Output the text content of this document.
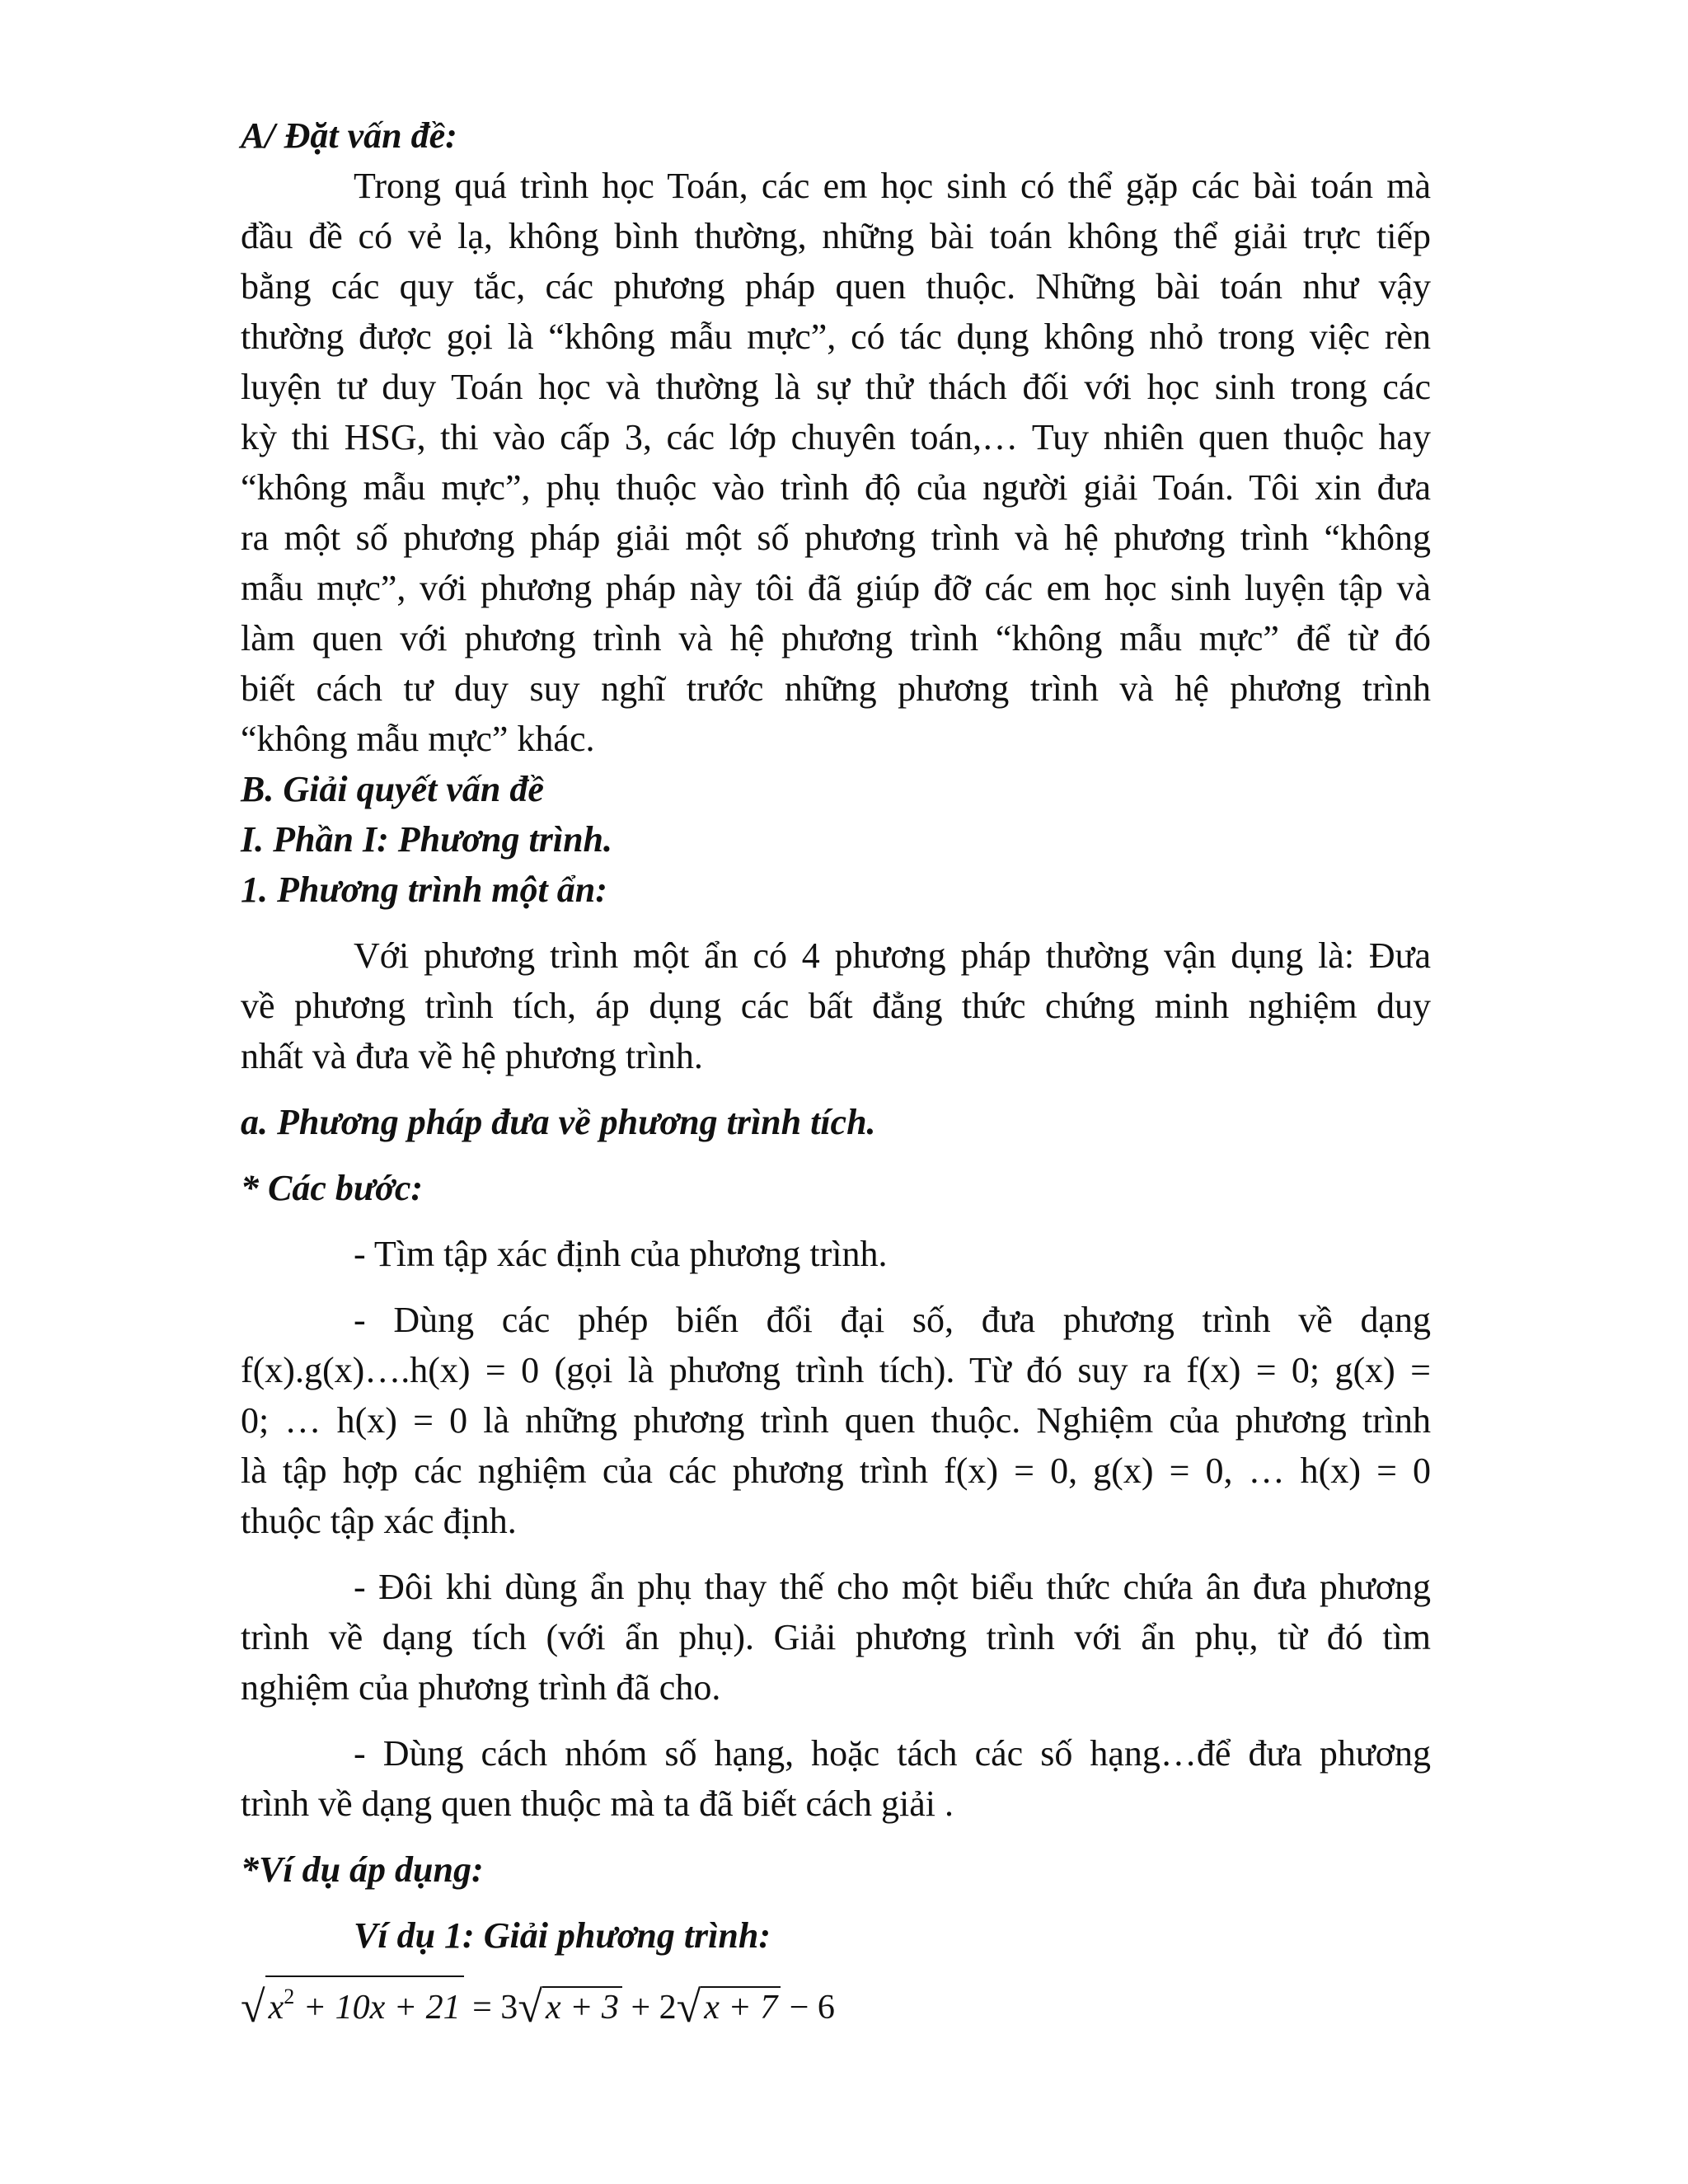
A/ Đặt vấn đề:
Trong quá trình học Toán, các em học sinh có thể gặp các bài toán mà
đầu đề có vẻ lạ, không bình thường, những bài toán không thể giải trực tiếp
bằng các quy tắc, các phương pháp quen thuộc. Những bài toán như vậy
thường được gọi là “không mẫu mực”, có tác dụng không nhỏ trong việc rèn
luyện tư duy Toán học và thường là sự thử thách đối với học sinh trong các
kỳ thi HSG, thi vào cấp 3, các lớp chuyên toán,… Tuy nhiên quen thuộc hay
“không mẫu mực”, phụ thuộc vào trình độ của người giải Toán. Tôi xin đưa
ra một số phương pháp giải một số phương trình và hệ phương trình “không
mẫu mực”, với phương pháp này tôi đã giúp đỡ các em học sinh luyện tập và
làm quen với phương trình và hệ phương trình “không mẫu mực” để từ đó
biết cách tư duy suy nghĩ trước những phương trình và hệ phương trình
“không mẫu mực” khác.
B. Giải quyết vấn đề
I. Phần I: Phương trình.
1. Phương trình một ẩn:
Với phương trình một ẩn có 4 phương pháp thường vận dụng là: Đưa
về phương trình tích, áp dụng các bất đẳng thức chứng minh nghiệm duy
nhất và đưa về hệ phương trình.
a. Phương pháp đưa về phương trình tích.
* Các bước:
- Tìm tập xác định của phương trình.
- Dùng các phép biến đổi đại số, đưa phương trình về dạng
f(x).g(x)….h(x) = 0 (gọi là phương trình tích). Từ đó suy ra f(x) = 0; g(x) =
0; … h(x) = 0 là những phương trình quen thuộc. Nghiệm của phương trình
là tập hợp các nghiệm của các phương trình f(x) = 0, g(x) = 0, … h(x) = 0
thuộc tập xác định.
- Đôi khi dùng ẩn phụ thay thế cho một biểu thức chứa ân đưa phương
trình về dạng tích (với ẩn phụ). Giải phương trình với ẩn phụ, từ đó tìm
nghiệm của phương trình đã cho.
- Dùng cách nhóm số hạng, hoặc tách các số hạng…để đưa phương
trình về dạng quen thuộc mà ta đã biết cách giải .
*Ví dụ áp dụng:
Ví dụ 1: Giải phương trình:
$√x^2 + 10x + 21 = 3√x + 3 + 2√x + 7 - 6$
